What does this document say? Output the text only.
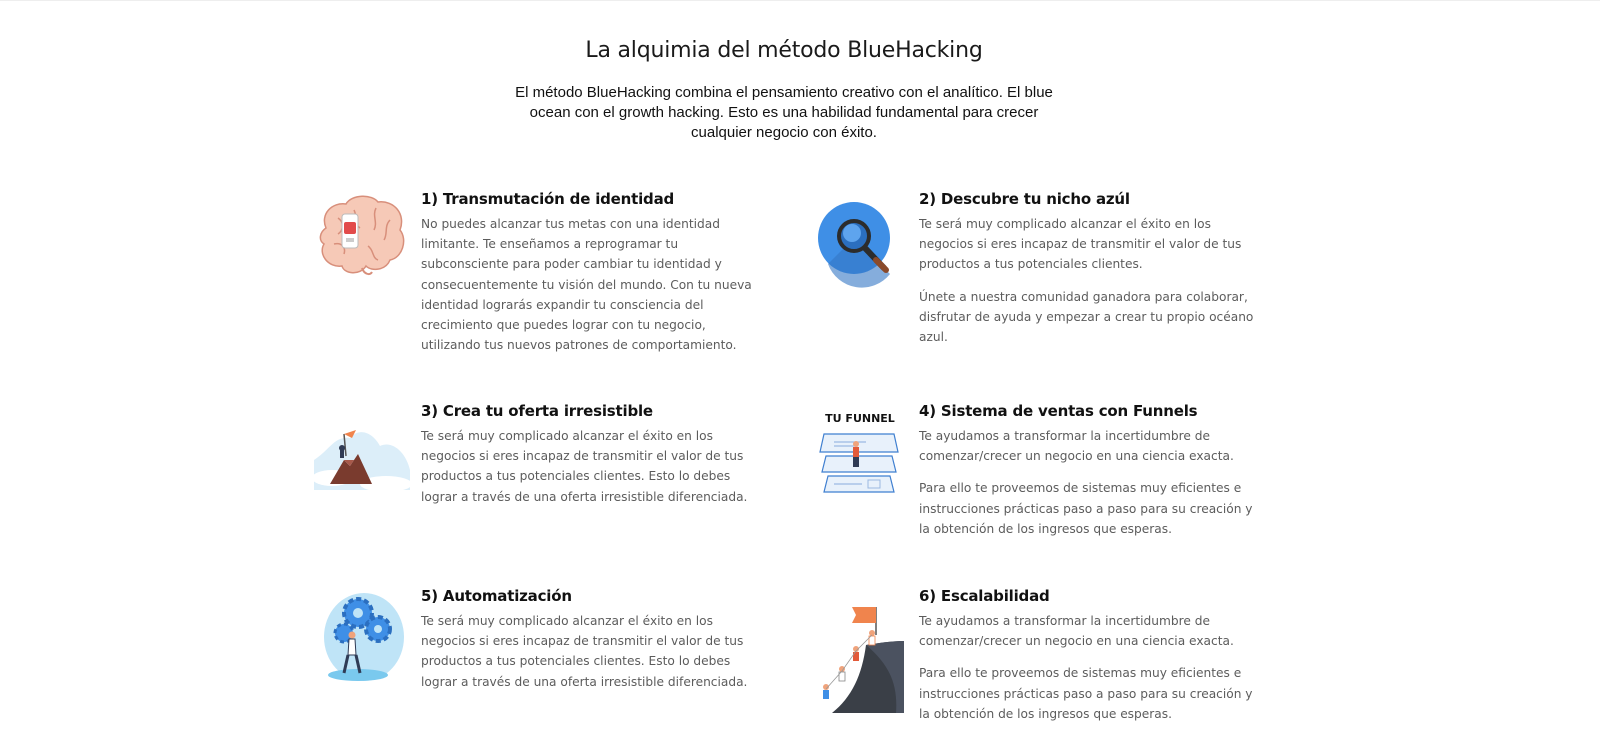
La alquimia del método BlueHacking
El método BlueHacking combina el pensamiento creativo con el analítico. El blue ocean con el growth hacking. Esto es una habilidad fundamental para crecer cualquier negocio con éxito.
1) Transmutación de identidad

No puedes alcanzar tus metas con una identidad limitante. Te enseñamos a reprogramar tu subconsciente para poder cambiar tu identidad y consecuentemente tu visión del mundo. Con tu nueva identidad lograrás expandir tu consciencia del crecimiento que puedes lograr con tu negocio, utilizando tus nuevos patrones de comportamiento.

2) Descubre tu nicho azúl

Te será muy complicado alcanzar el éxito en los negocios si eres incapaz de transmitir el valor de tus productos a tus potenciales clientes.

Únete a nuestra comunidad ganadora para colaborar, disfrutar de ayuda y empezar a crear tu propio océano azul.

3) Crea tu oferta irresistible

Te será muy complicado alcanzar el éxito en los negocios si eres incapaz de transmitir el valor de tus productos a tus potenciales clientes. Esto lo debes lograr a través de una oferta irresistible diferenciada.

TU FUNNEL 4) Sistema de ventas con Funnels

Te ayudamos a transformar la incertidumbre de comenzar/crecer un negocio en una ciencia exacta.

Para ello te proveemos de sistemas muy eficientes e instrucciones prácticas paso a paso para su creación y la obtención de los ingresos que esperas.

5) Automatización

Te será muy complicado alcanzar el éxito en los negocios si eres incapaz de transmitir el valor de tus productos a tus potenciales clientes. Esto lo debes lograr a través de una oferta irresistible diferenciada.

6) Escalabilidad

Te ayudamos a transformar la incertidumbre de comenzar/crecer un negocio en una ciencia exacta.

Para ello te proveemos de sistemas muy eficientes e instrucciones prácticas paso a paso para su creación y la obtención de los ingresos que esperas.
